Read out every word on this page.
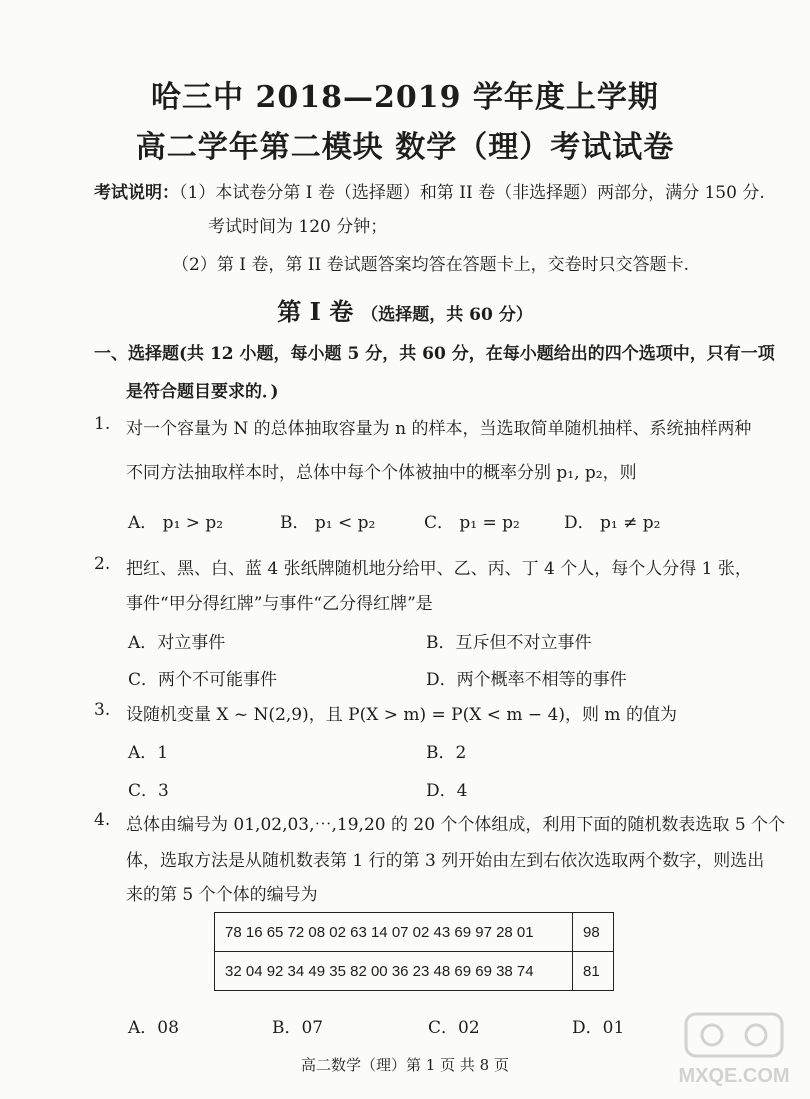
哈三中 2018—2019 学年度上学期
高二学年第二模块 数学（理）考试试卷
考试说明：（1）本试卷分第 I 卷（选择题）和第 II 卷（非选择题）两部分，满分 150 分.
考试时间为 120 分钟；
（2）第 I 卷，第 II 卷试题答案均答在答题卡上，交卷时只交答题卡.
第 I 卷 （选择题，共 60 分）
一、选择题(共 12 小题，每小题 5 分，共 60 分，在每小题给出的四个选项中，只有一项
是符合题目要求的．)
1. 对一个容量为 N 的总体抽取容量为 n 的样本，当选取简单随机抽样、系统抽样两种
不同方法抽取样本时，总体中每个个体被抽中的概率分别 p₁, p₂，则
A． p₁ > p₂	B． p₁ < p₂	C． p₁ = p₂	D． p₁ ≠ p₂
2. 把红、黑、白、蓝 4 张纸牌随机地分给甲、乙、丙、丁 4 个人，每个人分得 1 张，
事件“甲分得红牌”与事件“乙分得红牌”是
A．对立事件	B．互斥但不对立事件
C．两个不可能事件	D．两个概率不相等的事件
3. 设随机变量 X ~ N(2,9)，且 P(X > m) = P(X < m − 4)，则 m 的值为
A．1	B．2
C．3	D．4
4. 总体由编号为 01,02,03,⋯,19,20 的 20 个个体组成，利用下面的随机数表选取 5 个个
体，选取方法是从随机数表第 1 行的第 3 列开始由左到右依次选取两个数字，则选出
来的第 5 个个体的编号为
78 16 65 72 08 02 63 14 07 02 43 69 97 28 01	98
32 04 92 34 49 35 82 00 36 23 48 69 69 38 74	81
A．08	B．07	C．02	D．01
高二数学（理）第 1 页 共 8 页	MXQE.COM
